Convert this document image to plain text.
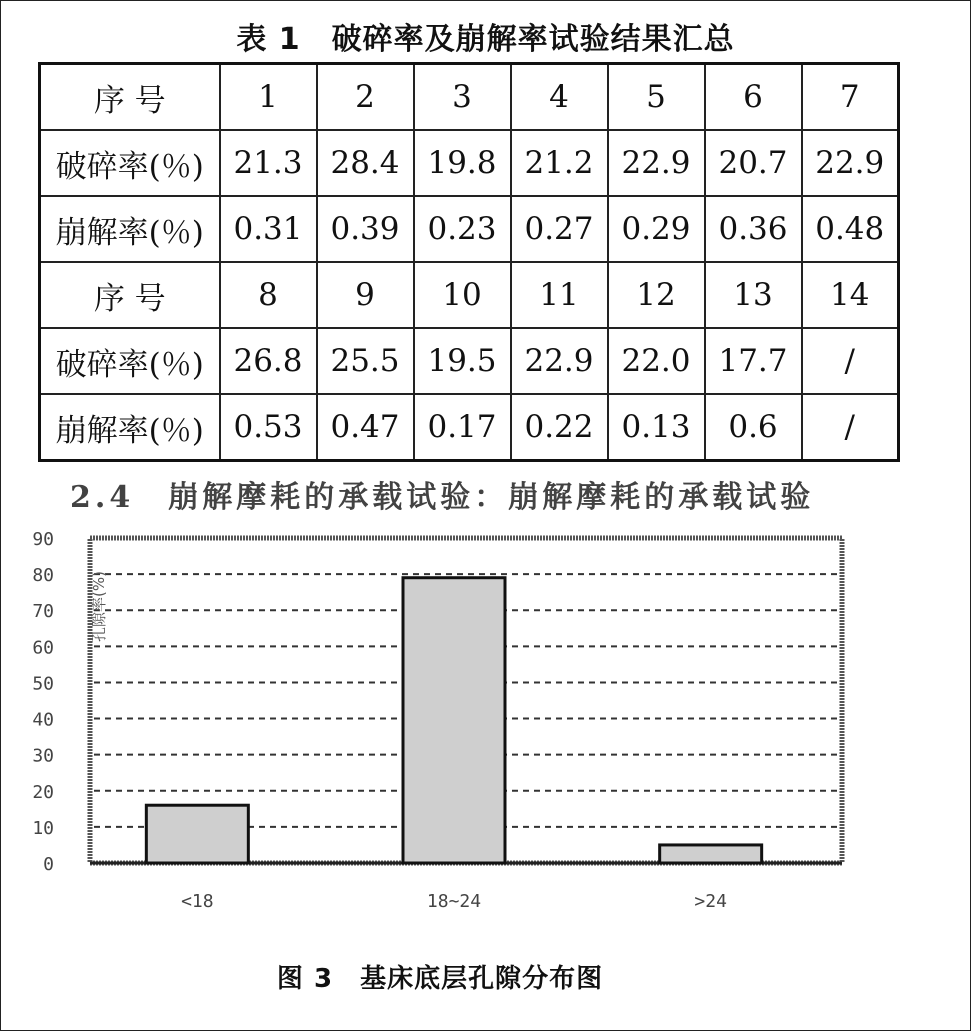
表 1　破碎率及崩解率试验结果汇总
序 号	1	2	3	4	5	6	7
破碎率(％)	21.3	28.4	19.8	21.2	22.9	20.7	22.9
崩解率(％)	0.31	0.39	0.23	0.27	0.29	0.36	0.48
序 号	8	9	10	11	12	13	14
破碎率(％)	26.8	25.5	19.5	22.9	22.0	17.7	/
崩解率(％)	0.53	0.47	0.17	0.22	0.13	0.6	/
2.4　崩解摩耗的承载试验：崩解摩耗的承载试验
0
10
20
30
40
50
60
70
80
90
孔隙率(%)
<18	18~24	>24
图 3　基床底层孔隙分布图
